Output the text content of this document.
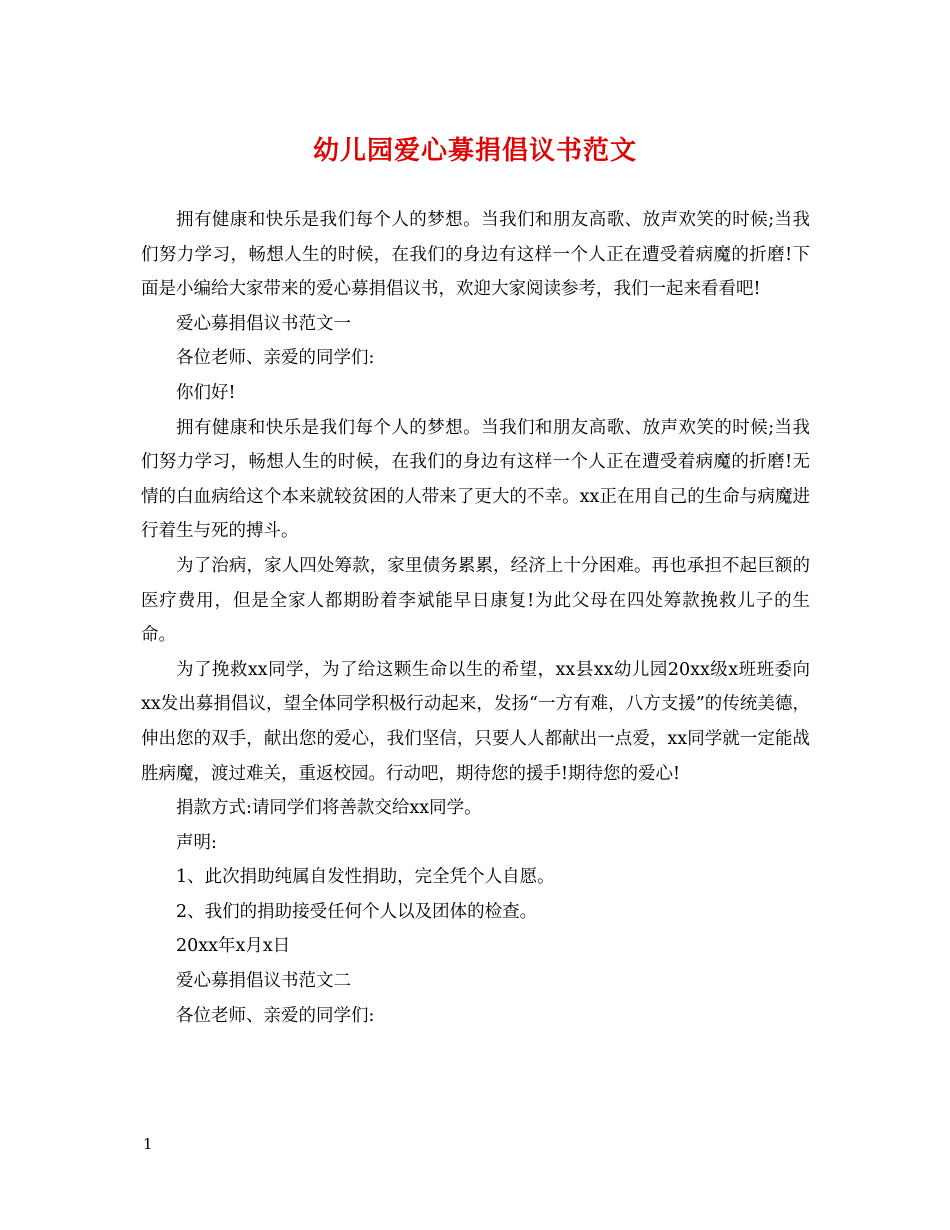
幼儿园爱心募捐倡议书范文

拥有健康和快乐是我们每个人的梦想。当我们和朋友高歌、放声欢笑的时候;当我们努力学习，畅想人生的时候，在我们的身边有这样一个人正在遭受着病魔的折磨!下面是小编给大家带来的爱心募捐倡议书，欢迎大家阅读参考，我们一起来看看吧!

爱心募捐倡议书范文一

各位老师、亲爱的同学们:

你们好!

拥有健康和快乐是我们每个人的梦想。当我们和朋友高歌、放声欢笑的时候;当我们努力学习，畅想人生的时候，在我们的身边有这样一个人正在遭受着病魔的折磨!无情的白血病给这个本来就较贫困的人带来了更大的不幸。xx正在用自己的生命与病魔进行着生与死的搏斗。

为了治病，家人四处筹款，家里债务累累，经济上十分困难。再也承担不起巨额的医疗费用，但是全家人都期盼着李斌能早日康复!为此父母在四处筹款挽救儿子的生命。

为了挽救xx同学，为了给这颗生命以生的希望，xx县xx幼儿园20xx级x班班委向xx发出募捐倡议，望全体同学积极行动起来，发扬“一方有难，八方支援”的传统美德，伸出您的双手，献出您的爱心，我们坚信，只要人人都献出一点爱，xx同学就一定能战胜病魔，渡过难关，重返校园。行动吧，期待您的援手!期待您的爱心!

捐款方式:请同学们将善款交给xx同学。

声明:

1、此次捐助纯属自发性捐助，完全凭个人自愿。

2、我们的捐助接受任何个人以及团体的检查。

20xx年x月x日

爱心募捐倡议书范文二

各位老师、亲爱的同学们:

1
